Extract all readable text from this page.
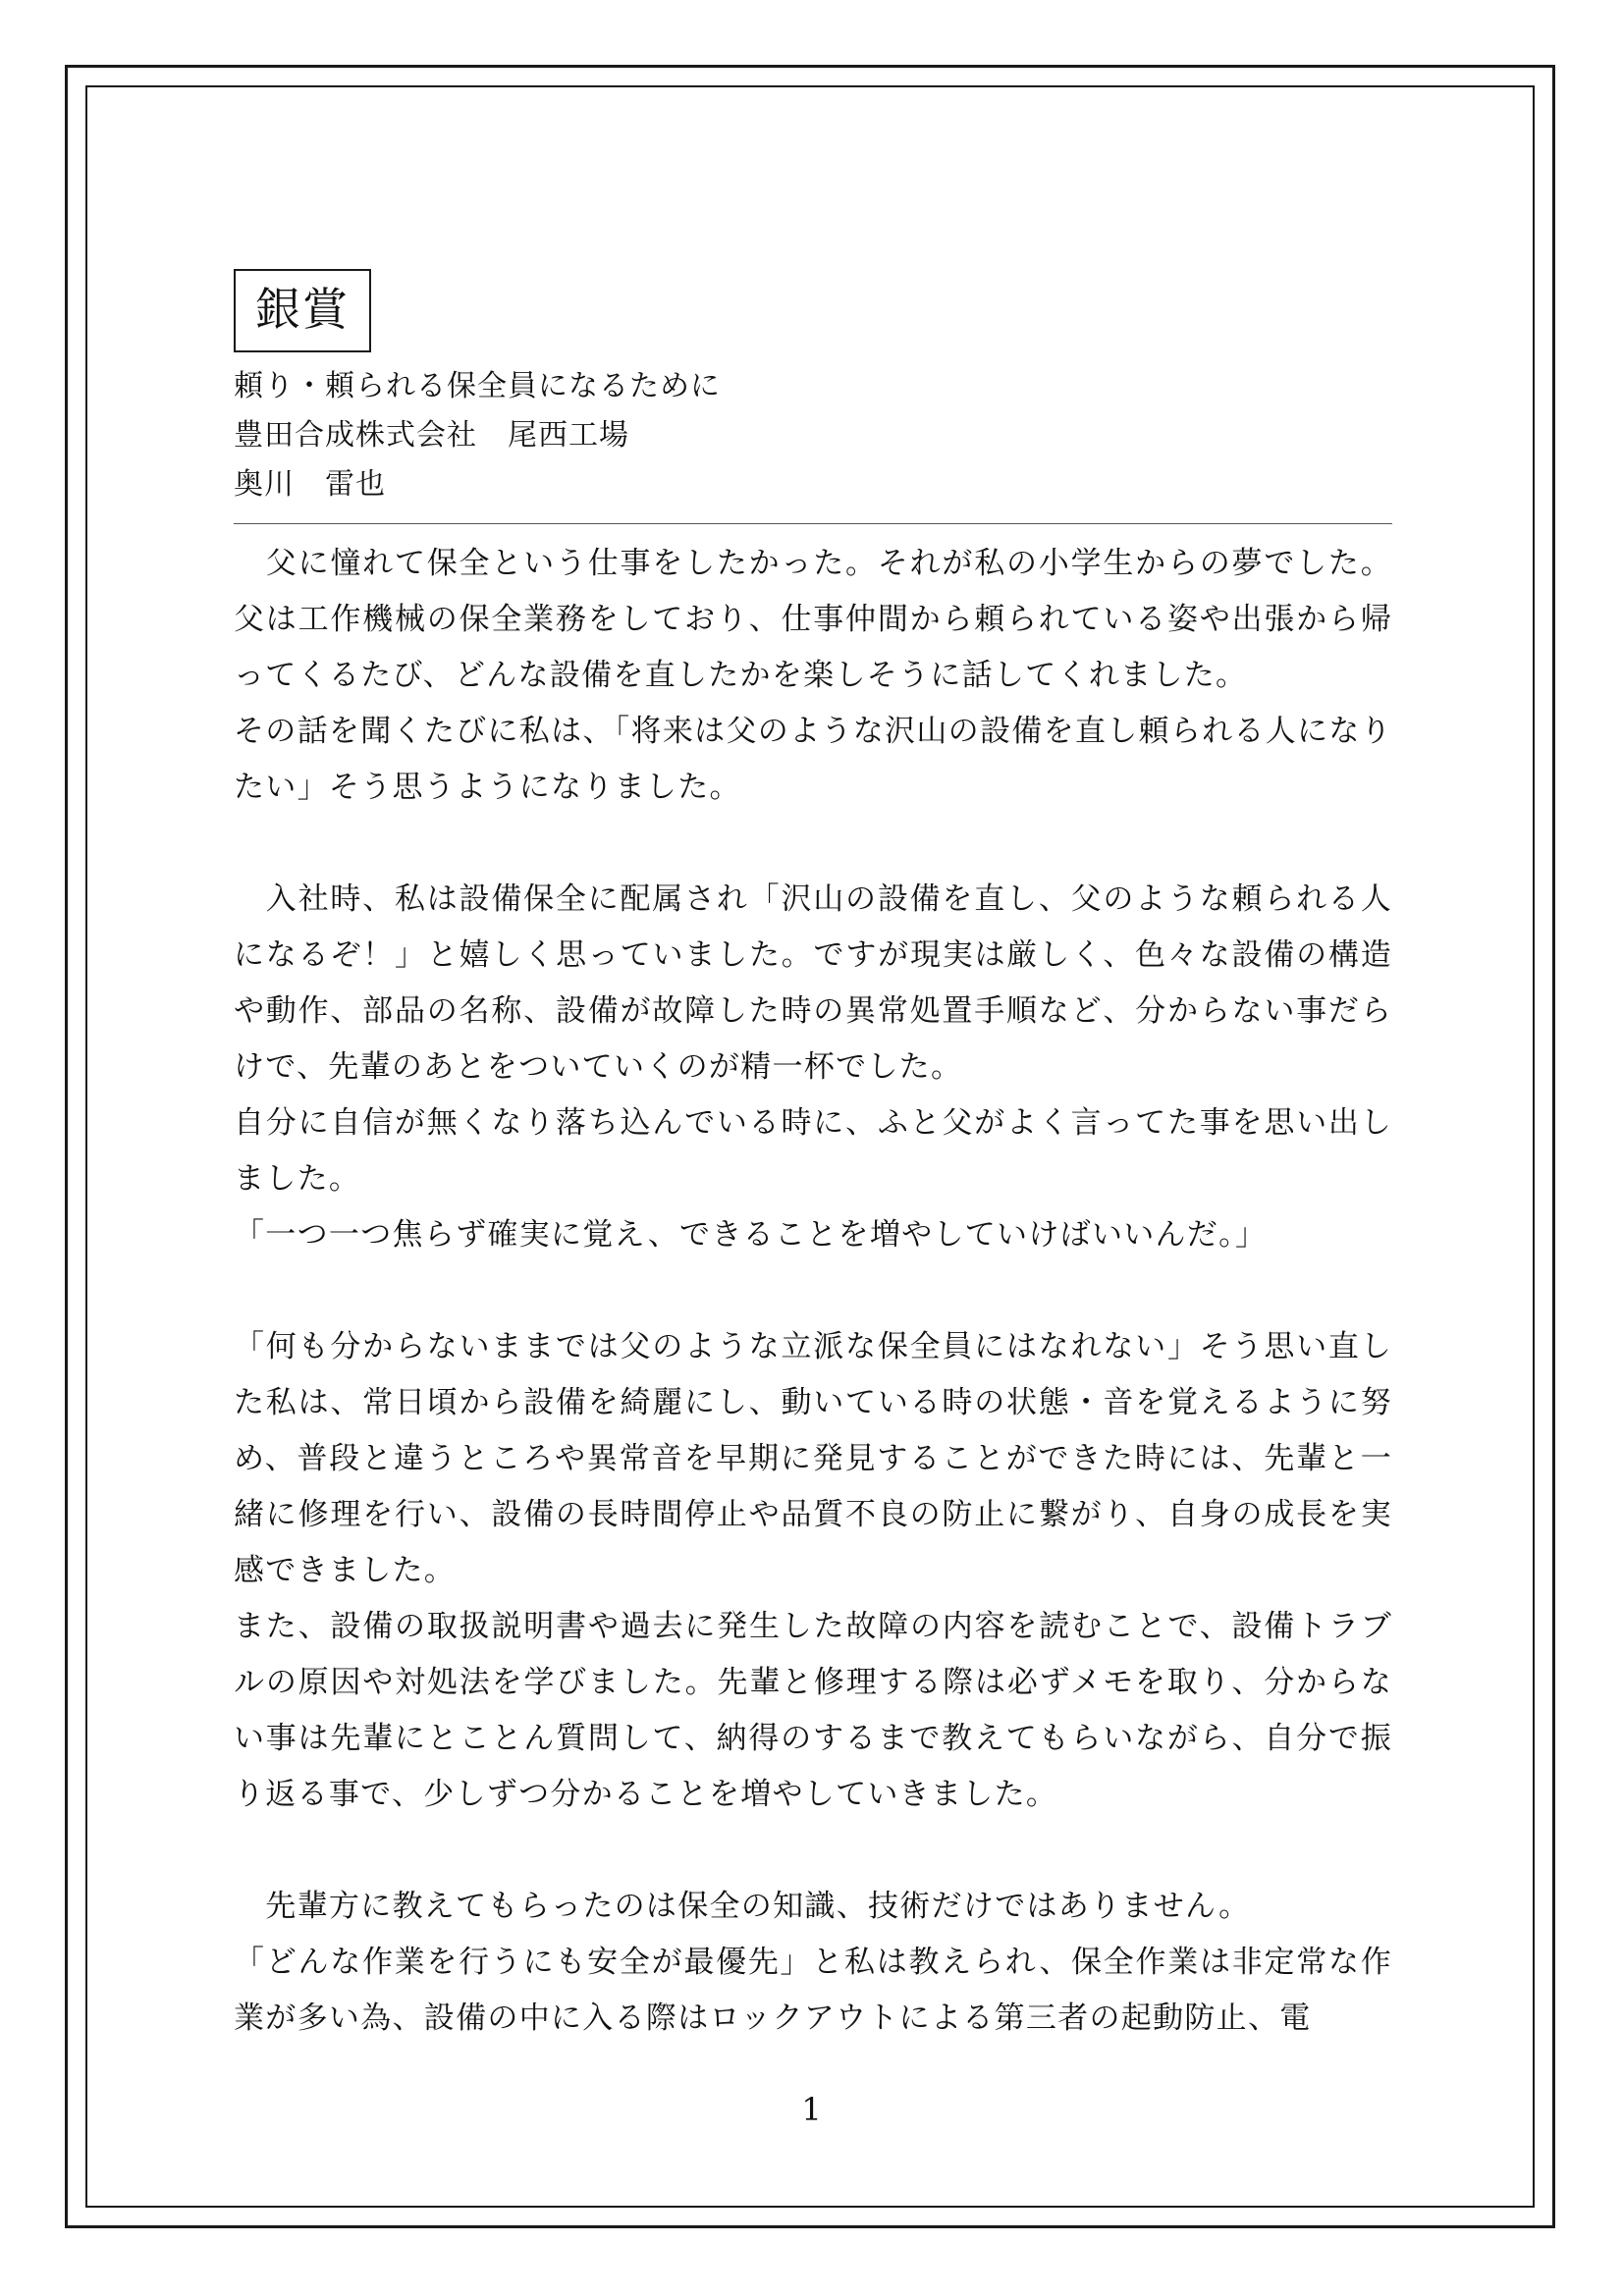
銀賞
頼り・頼られる保全員になるために
豊田合成株式会社　尾西工場
奥川　雷也

　父に憧れて保全という仕事をしたかった。それが私の小学生からの夢でした。父は工作機械の保全業務をしており、仕事仲間から頼られている姿や出張から帰ってくるたび、どんな設備を直したかを楽しそうに話してくれました。

その話を聞くたびに私は、「将来は父のような沢山の設備を直し頼られる人になりたい」そう思うようになりました。

　入社時、私は設備保全に配属され「沢山の設備を直し、父のような頼られる人になるぞ！」と嬉しく思っていました。ですが現実は厳しく、色々な設備の構造や動作、部品の名称、設備が故障した時の異常処置手順など、分からない事だらけで、先輩のあとをついていくのが精一杯でした。

自分に自信が無くなり落ち込んでいる時に、ふと父がよく言ってた事を思い出しました。

「一つ一つ焦らず確実に覚え、できることを増やしていけばいいんだ。」

「何も分からないままでは父のような立派な保全員にはなれない」そう思い直した私は、常日頃から設備を綺麗にし、動いている時の状態・音を覚えるように努め、普段と違うところや異常音を早期に発見することができた時には、先輩と一緒に修理を行い、設備の長時間停止や品質不良の防止に繋がり、自身の成長を実感できました。

また、設備の取扱説明書や過去に発生した故障の内容を読むことで、設備トラブルの原因や対処法を学びました。先輩と修理する際は必ずメモを取り、分からない事は先輩にとことん質問して、納得のするまで教えてもらいながら、自分で振り返る事で、少しずつ分かることを増やしていきました。

　先輩方に教えてもらったのは保全の知識、技術だけではありません。

「どんな作業を行うにも安全が最優先」と私は教えられ、保全作業は非定常な作業が多い為、設備の中に入る際はロックアウトによる第三者の起動防止、電

1
